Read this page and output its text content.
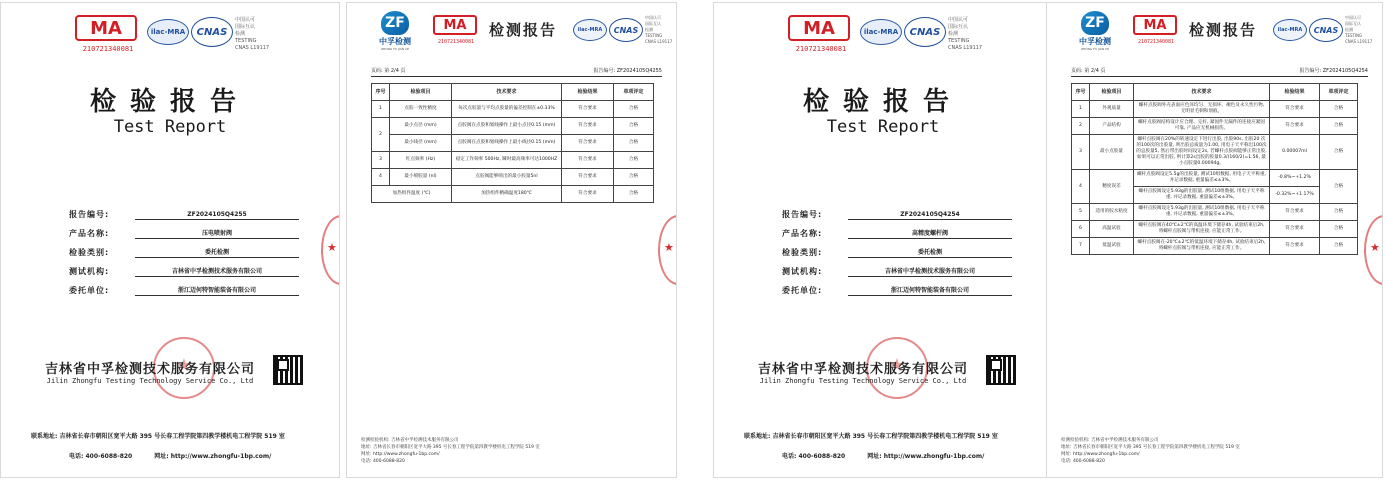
MA
210721340081
ilac-MRA	CNAS
中国认可
国际互认
检测
TESTING
CNAS L19117
检验报告
Test Report
报告编号:	ZF2024105Q4255
产品名称:	压电喷射阀
检验类别:	委托检测
测试机构:	吉林省中孚检测技术服务有限公司
委托单位:	浙江迈何特智能装备有限公司
★
吉林省中孚检测技术服务有限公司
Jilin Zhongfu Testing Technology Service Co., Ltd
★
联系地址: 吉林省长春市朝阳区宽平大路 395 号长春工程学院第四教学楼机电工程学院 519 室
电话: 400-6088-820	网址: http://www.zhongfu-1bp.com/
ZF
中孚检测
ZHONG FU JIAN CE
MA
210721340081
检测报告	ilac-MRA	CNAS
中国认可
国际互认
检测
TESTING
CNAS L19117
页码: 第 2/4 页	报告编号: ZF2024105Q4255
序号	检验项目	技术要求	检验结果	单项评定
1	点胶一致性精度	每次点胶量与平均点胶量的偏差控制在±0.33%	符合要求	合格
2	最小点径 (mm)	点胶阀在点胶和划线操作上最小点径0.15 (mm)	符合要求	合格
	最小线径 (mm)	点胶阀在点胶和划线操作上最小线径0.15 (mm)	符合要求	合格
3	红点频率 (Hz)	稳定工作频率 500Hz, 瞬时最高频率可达1000HZ	符合要求	合格
4	最小喷胶量 (nl)	点胶阀能够喷出的最小胶量5nl	符合要求	合格
加热组件温度 (℃)		加热组件精确温度180℃	符合要求	合格
检测检验机构: 吉林省中孚检测技术服务有限公司
地址: 吉林省长春市朝阳区宽平大路 395 号长春工程学院第四教学楼机电工程学院 519 室
网址: http://www.zhongfu-1bp.com/
电话: 400-6088-820
★
MA
210721340081
ilac-MRA	CNAS
中国认可
国际互认
检测
TESTING
CNAS L19117
检验报告
Test Report
报告编号:	ZF2024105Q4254
产品名称:	高精度螺杆阀
检验类别:	委托检测
测试机构:	吉林省中孚检测技术服务有限公司
委托单位:	浙江迈何特智能装备有限公司
★
吉林省中孚检测技术服务有限公司
Jilin Zhongfu Testing Technology Service Co., Ltd
联系地址: 吉林省长春市朝阳区宽平大路 395 号长春工程学院第四教学楼机电工程学院 519 室
电话: 400-6088-820	网址: http://www.zhongfu-1bp.com/
ZF
中孚检测
ZHONG FU JIAN CE
MA
210721340081
检测报告	ilac-MRA	CNAS
中国认可
国际互认
检测
TESTING
CNAS L19117
页码: 第 2/4 页	报告编号: ZF2024105Q4254
序号	检验项目	技术要求	检验结果	单项评定
1	外观质量	螺杆点胶阀外壳表面应色泽均匀、无损坏、褪色及永久性污物, 无明显毛刺和划痕。	符合要求	合格
2	产品结构	螺杆点胶阀结构设计应合理、完好, 紧固件无漏件的连接应紧固可靠, 产品应无机械损伤。	符合要求	合格
3	最小点胶量	螺杆点胶阀在20%的转速设定下进行出胶, 出胶90s, 出胶20 次的100次的出胶量, 则出胶总质量为1.00, 用电子天平称出100次的总胶量5, 然后带出胶时间设定2s, 若螺杆点胶阀能够正常出胶, 如果可以正常出胶, 则计算2s出胶的胶量0.3/(160/2)=1.56, 最小点胶量0.00094g。	0.00007ml	合格
4	精度误差	螺杆点胶阀设定5.5g的出胶量, 测试10组数据, 用电子天平称重, 并记录数据, 重量偏差≤±3%。	-0.8%~+1.2%	合格
		螺杆点胶阀设定5.93g的出胶量, 测试10组数据, 用电子天平称重, 并记录数据, 重量偏差≤±3%。	-0.32%~+1.17%	
5	适用的胶水粘度	螺杆点胶阀设定5.93g的出胶量, 测试10组数据, 用电子天平称重, 并记录数据, 重量偏差≤±3%。	符合要求	合格
6	高温试验	螺杆点胶阀在40℃±2℃的高温环境下储存4h, 试验结束后2h, 将螺杆点胶阀与带机连接, 应能正常工作。	符合要求	合格
7	低温试验	螺杆点胶阀在-20℃±2℃的低温环境下储存4h, 试验结束后2h, 将螺杆点胶阀与带机连接, 应能正常工作。	符合要求	合格
检测检验机构: 吉林省中孚检测技术服务有限公司
地址: 吉林省长春市朝阳区宽平大路 395 号长春工程学院第四教学楼机电工程学院 519 室
网址: http://www.zhongfu-1bp.com/
电话: 400-6088-820
★
